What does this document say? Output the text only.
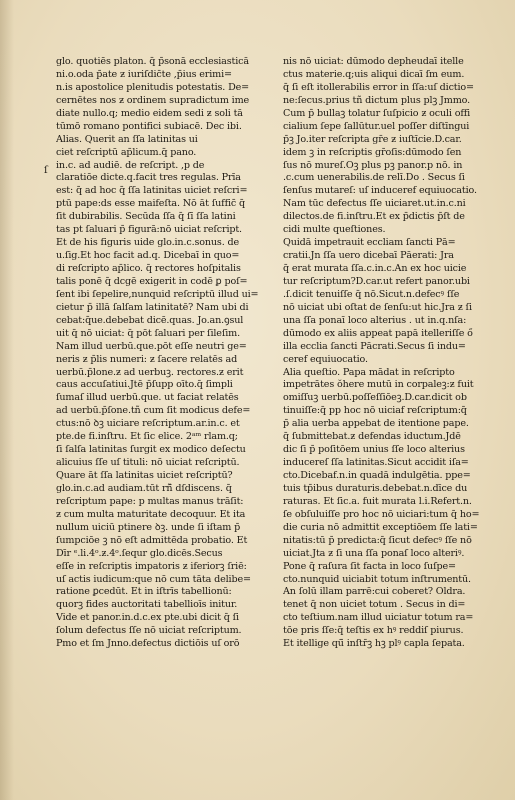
ſ
glo. quotiēs platon. q̄ p̄sonā ecclesiasticā
ni.o.oda p̄ate ƶ iuriſdic̄te ,p̄ius erimi=
n.is apostolice plenitudis potestatis. De=
cernētes nos ƶ ordinem supradictum ime
diate nullo.q; medio eidem sedi ƶ soli tā
tūmō romano pontifici subiacē. Dec ibi.
Alias. Querit an ſſa latinitas ui
ciet reſcriptū ap̄licum.q̄ pano.
in.c. ad audiē. de reſcript. ,p de
claratiōe dicte.q.facit tres regulas. Prīa
est: q̄ ad hoc q̄ ſſa latinitas uiciet reſcri=
ptū pape:ds esse maifeſta. Nō āt ſuffic̄ q̄
ſit dubirabilis. Secūda ſſa q̄ ſī ſſa latini
tas pt ſaluari p̄ figurā:nō uiciat reſcript.
Et de his figuris uide glo.in.c.sonus. de
u.ſig.Et hoc facit ad.q. Dicebaī in quo=
di reſcripto ap̄lico. q̄ rectores hoſpitalis
talis ponē q̄ dcgē exigerit in codē ꝑ poſ=
ſent ibi ſepelire,nunquid reſcriptū illud ui=
cietur p̄ illā ſalſam latinitatē? Nam ubi di
cebat:q̄ue.debebat dicē.quas. Jo.an.ꝯsul
uit q̄ nō uiciat: q̄ pōt ſaluari per ſileſim.
Nam illud uerbū.que.pōt eſſe neutri ge=
neris ƶ p̄lis numeri: ƶ ſacere relatēs ad
uerbū.p̄lone.ƶ ad uerbuꝫ. rectores.ƶ erit
caus accuſatiui.Jtē p̄ſupp oīto.q̄ ſimpli
ſumaſ illud uerbū.que. ut faciat relatēs
ad uerbū.p̄ſone.tñ cum ſit modicus defe=
ctus:nō ꝺꝫ uiciare reſcriptum.ar.in.c. et
pte.de fi.inſtru. Et ſic elice. 2ᵃᵐ rlam.q;
ſi ſalſa latinitas ſurgit ex modico deſectu
alicuius ſſe uſ tituli: nō uiciat reſcriptū.
Quare āt ſſa latinitas uiciet reſcriptū?
glo.in.c.ad audiam.tūt rñ̄ d̄ſdiscens. q̄
reſcriptum pape: p multas manus trāſit:
ƶ cum multa maturitate decoquur. Et ita
nullum uiciū ptinere ꝺꝫ. unde ſi iſtam p̄
ſumpciōe ꝫ nō eſt admittēda probatio. Et
Dīr ᵉ.li.4ᵒ.ƶ.4ᵒ.ſequr glo.dicēs.Secus
eſſe in reſcriptis impatoris ƶ iferiorꝫ ſriē:
uſ actis iudicum:que nō cum tāta delibe=
ratione ꝑcedūt. Et in iſtrīs tabellionū:
quorꝫ fides auctoritati tabellioīs initur.
Vide et panor.in.d.c.ex pte.ubi dicit q̄ ſi
ſolum defectus ſſe nō uiciat reſcriptum.
Pmo et ſm Jnno.defectus dictiōis uſ orō
nis nō uiciat: dūmodo depheudaī itelle
ctus materie.q;uis aliqui dicaī ſm eum.
q̄ ſi eſt itollerabilis error in ſſa:uſ dictio=
ne:ſecus.prius tñ dictum plus plꝫ Jmmo.
Cum p̄ bullaꝫ tolatur ſuſpicio ƶ oculi offi
cialium ſepe ſallūtur.uel poſſer diſtīngui
p̄ꝫ Jo.iter reſcripta gr̄e ƶ iuſtīcie.D.car.
idem ꝫ in reſcriptis gr̄oſis:dūmodo ſen
ſus nō mureſ.Oꝫ plus pꝫ panor.p nō. in
.c.cum uenerabilis.de relī.Do . Secus ſi
ſenſus mutareſ: uſ induceref equiuocatio.
Nam tūc defectus ſſe uiciaret.ut.in.c.ni
dilectos.de fi.inſtru.Et ex p̄dictis p̄ſt de
cidi multe queſtiones.
Quidā impetrauit eccl̄iam ſancti Pā=
cratii.Jn ſſa uero dicebaī Pāerati: Jra
q̄ erat murata ſſa.c.in.c.An ex hoc uicie
tur reſcriptum?D.car.ut refert panor.ubi
.ſ.dicit tenuiſſe q̄ nō.Sicut.n.defecꝰ ſſe
nō uiciat ubi oſtat de ſenſu:ut hic.Jra ƶ ſi
una ſſa ponaī loco alterius . ut in.q.nſa:
dūmodo ex aliis appeat papā itelleriſſe ő
illa eccl̄ia ſancti Pācrati.Secus ſi indu=
ceref equiuocatio.
Alia queſtio. Papa mādat in reſcripto
impetrātes ŏhere mutū in corpaleꝫ:ƶ fuit
omiſſuꝫ uerbū.poſſeſſiōeꝫ.D.car.dicit ob
tinuiſſe:q̄ pp hoc nō uiciaf reſcriptum:q̄
p̄ alia uerba appebat de itentione pape.
q̄ ſubmittebat.ƶ defendas iductum.Jdē
dic ſi p̄ poſitōem unius ſſe loco alterius
inducerеſ ſſa latinitas.Sicut accidit iſa=
cto.Dicebaf.n.in quadā indulgētia. ppe=
tuis tp̄ibus duraturis.debebat.n.dīce du
raturas. Et ſic.a. fuit murata l.i.Refert.n.
ſe obſuluiſſe pro hoc nō uiciari:tum q̄ ho=
die curia nō admittit exceptiōem ſſe lati=
nitatis:tū p̄ predicta:q̄ ſicut defecꝰ ſſe nō
uiciat.Jta ƶ ſi una ſſa ponaſ loco alteriꝰ.
Pone q̄ raſura ſit facta in loco ſuſpe=
cto.nunquid uiciabit totum inſtrumentū.
An ſolū illam parrē:cui coberet? Oldra.
tenet q̄ non uiciet totum . Secus in di=
cto teſtium.nam illud uiciatur totum ra=
tōe pris ſſe:q̄ teſtis ex hꝰ reddiſ piurus.
Et itellige qū̄ inſtr̄ꝫ hꝫ plꝰ capl̄a ſepata.
